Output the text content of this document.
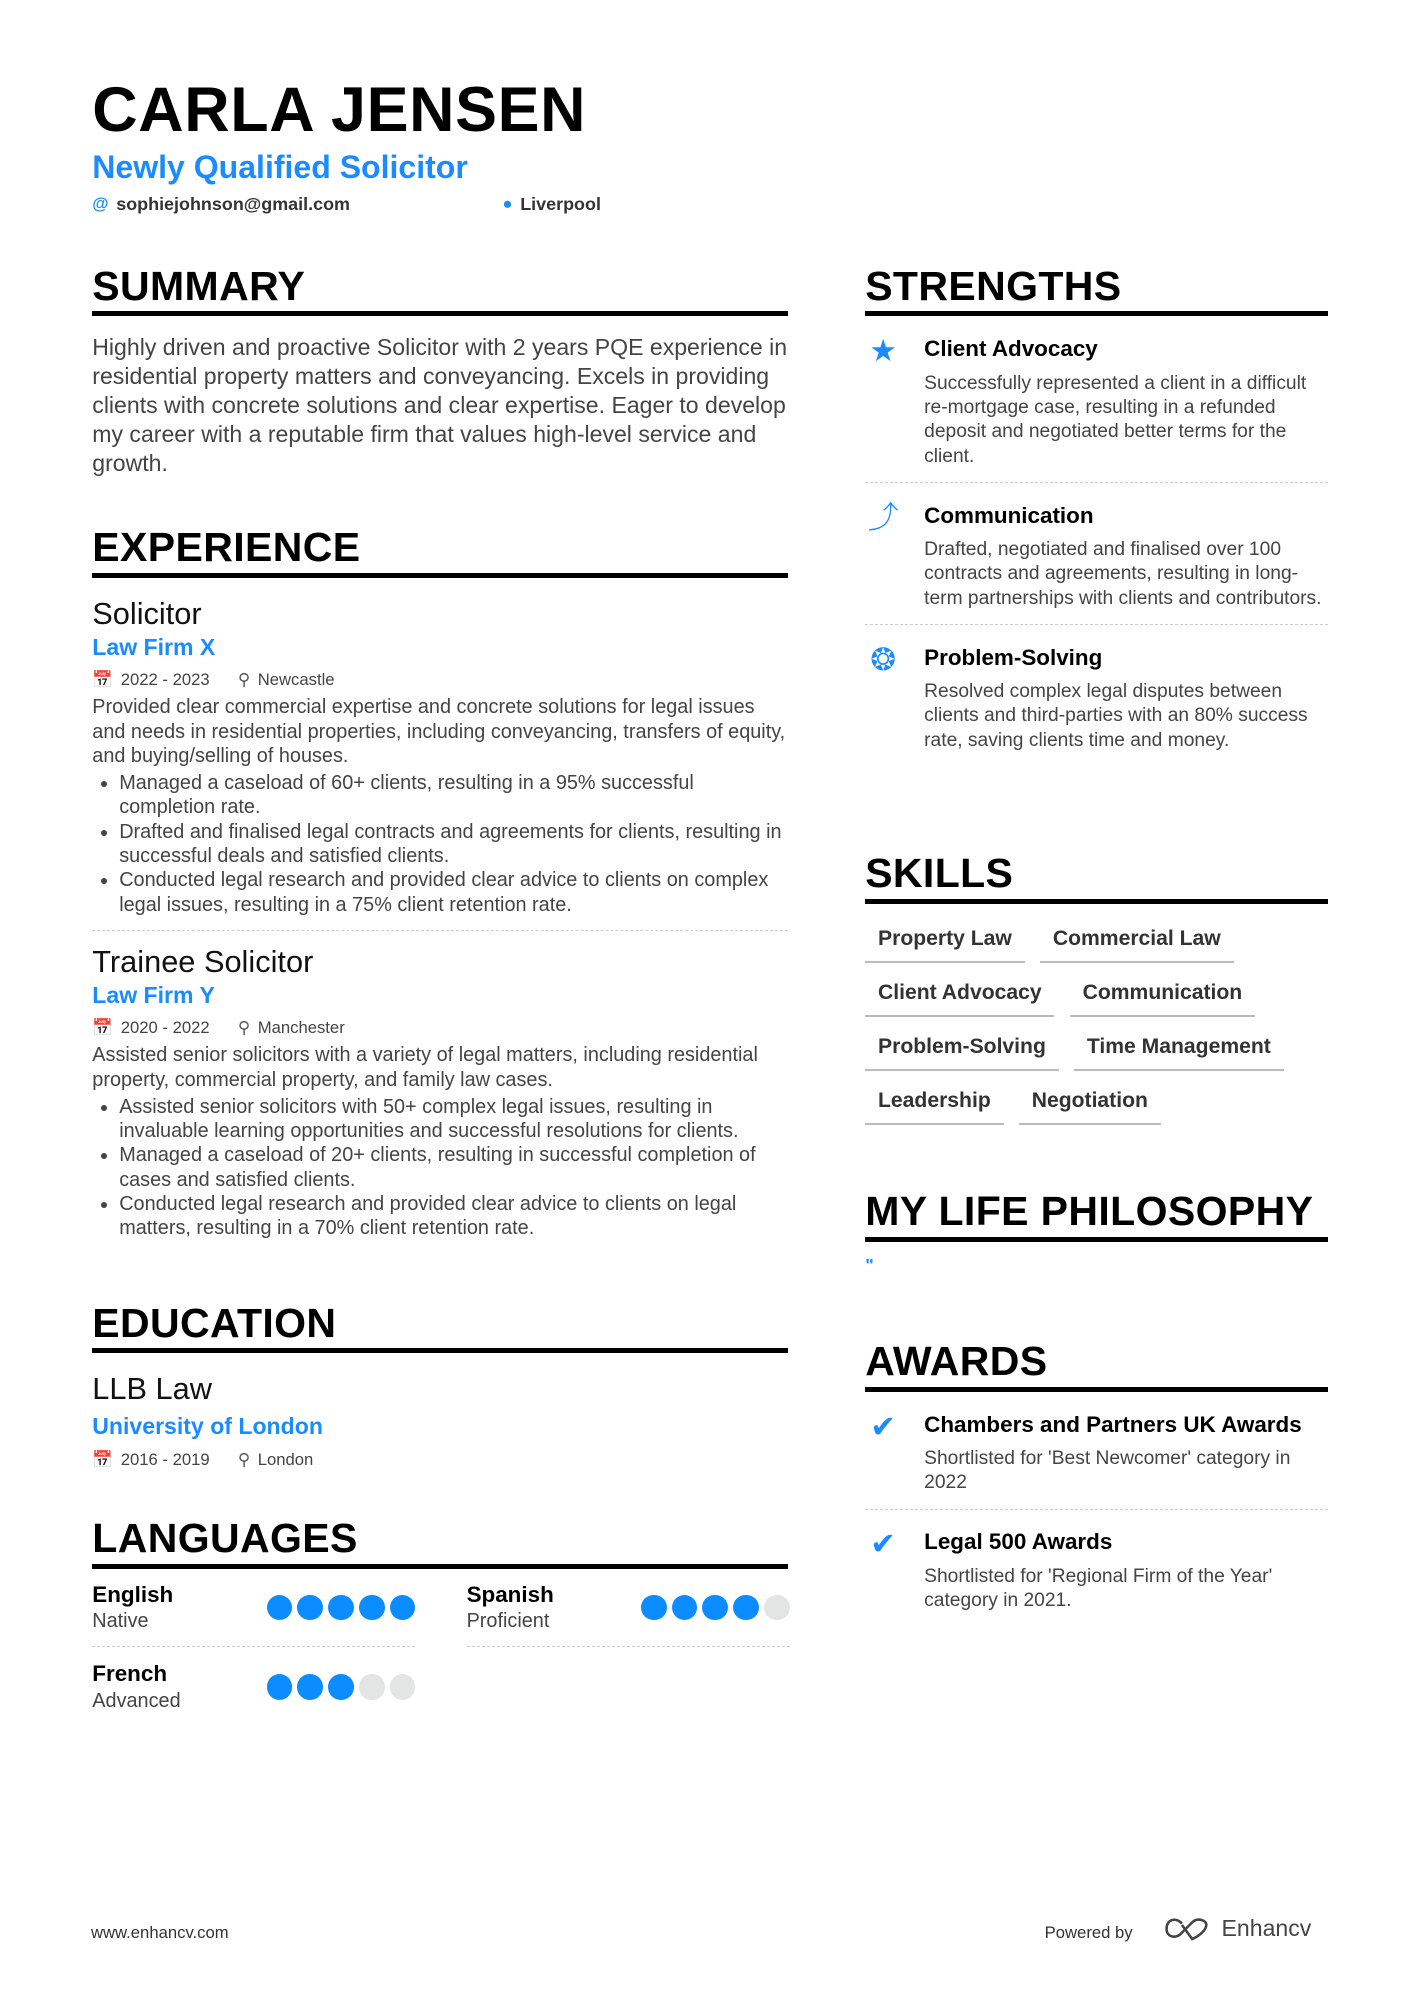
CARLA JENSEN
Newly Qualified Solicitor
@ sophiejohnson@gmail.com	● Liverpool
SUMMARY
Highly driven and proactive Solicitor with 2 years PQE experience in residential property matters and conveyancing. Excels in providing clients with concrete solutions and clear expertise. Eager to develop my career with a reputable firm that values high-level service and growth.
EXPERIENCE
Solicitor
Law Firm X
📅 2022 - 2023 ⚲ Newcastle
Provided clear commercial expertise and concrete solutions for legal issues and needs in residential properties, including conveyancing, transfers of equity, and buying/selling of houses.
• Managed a caseload of 60+ clients, resulting in a 95% successful completion rate.
• Drafted and finalised legal contracts and agreements for clients, resulting in successful deals and satisfied clients.
• Conducted legal research and provided clear advice to clients on complex legal issues, resulting in a 75% client retention rate.
Trainee Solicitor
Law Firm Y
📅 2020 - 2022 ⚲ Manchester
Assisted senior solicitors with a variety of legal matters, including residential property, commercial property, and family law cases.
• Assisted senior solicitors with 50+ complex legal issues, resulting in invaluable learning opportunities and successful resolutions for clients.
• Managed a caseload of 20+ clients, resulting in successful completion of cases and satisfied clients.
• Conducted legal research and provided clear advice to clients on legal matters, resulting in a 70% client retention rate.
EDUCATION
LLB Law
University of London
📅 2016 - 2019 ⚲ London
LANGUAGES
English
Native
Spanish
Proficient
French
Advanced
STRENGTHS
★ Client Advocacy
Successfully represented a client in a difficult re-mortgage case, resulting in a refunded deposit and negotiated better terms for the client.
⤴ Communication
Drafted, negotiated and finalised over 100 contracts and agreements, resulting in long-term partnerships with clients and contributors.
❂ Problem-Solving
Resolved complex legal disputes between clients and third-parties with an 80% success rate, saving clients time and money.
SKILLS
Property Law	Commercial Law
Client Advocacy	Communication
Problem-Solving	Time Management
Leadership	Negotiation
MY LIFE PHILOSOPHY
"
AWARDS
✔ Chambers and Partners UK Awards
Shortlisted for 'Best Newcomer' category in 2022
✔ Legal 500 Awards
Shortlisted for 'Regional Firm of the Year' category in 2021.
www.enhancv.com	Powered by	Enhancv
